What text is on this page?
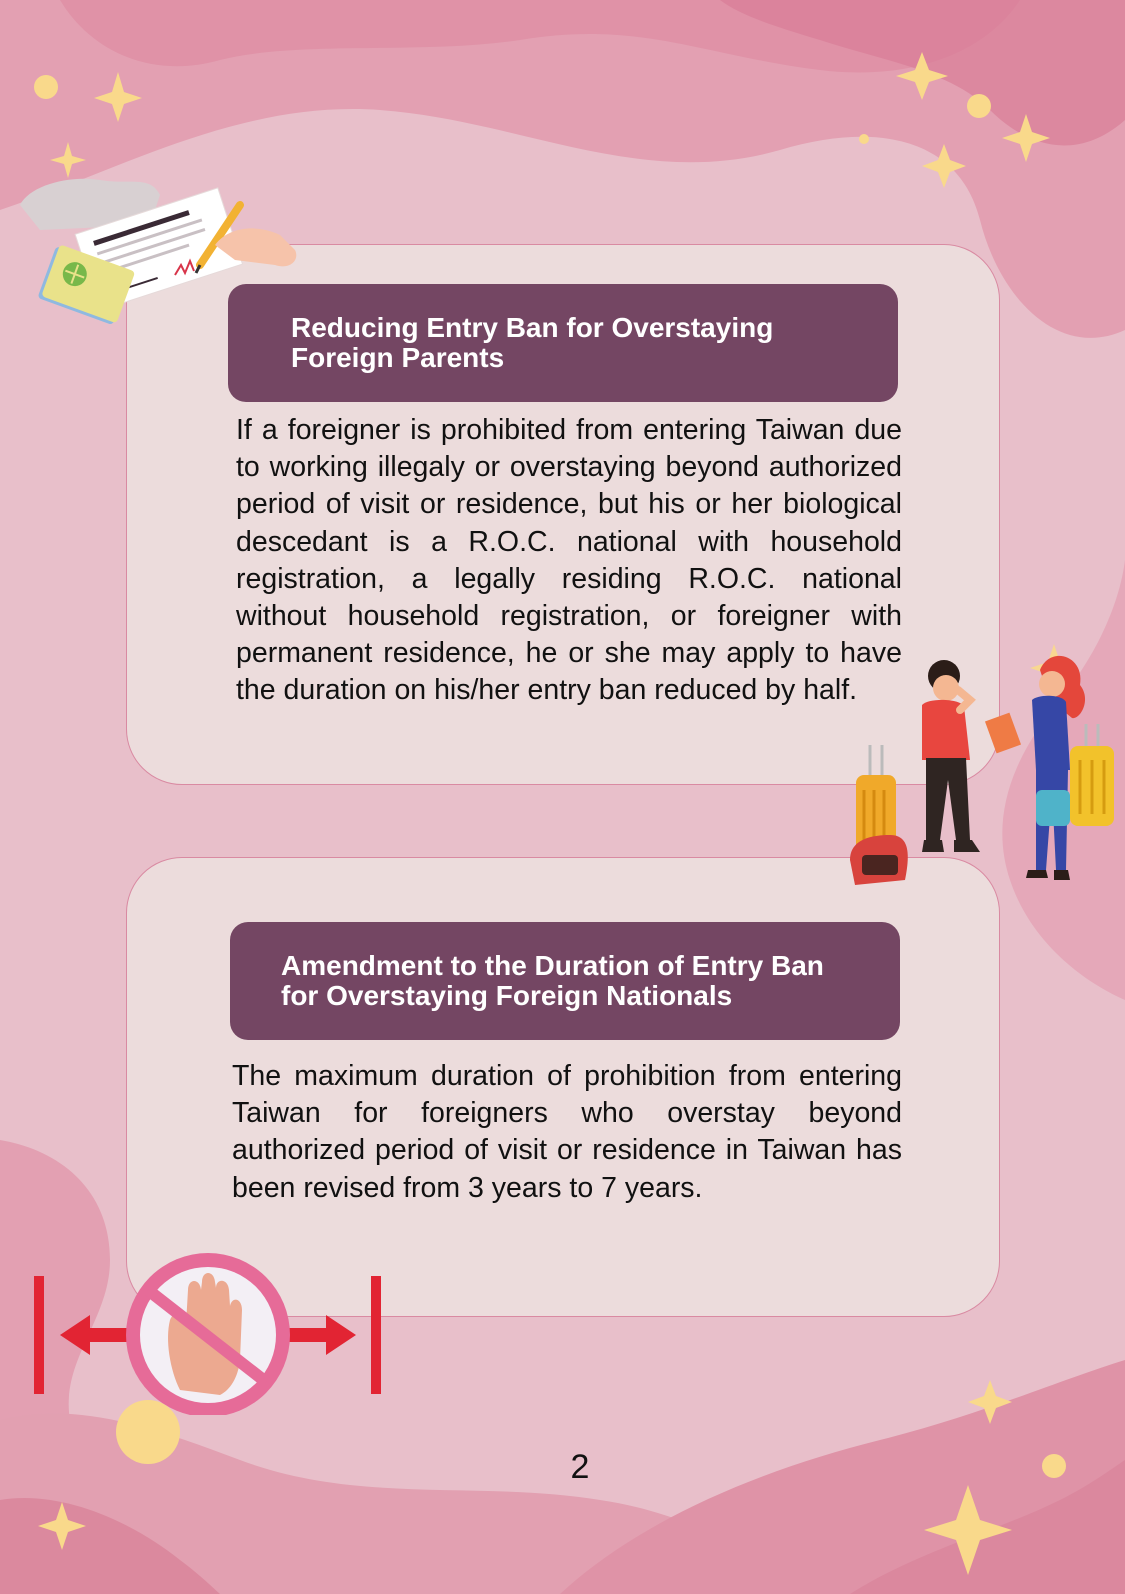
Reducing Entry Ban for Overstaying Foreign Parents

If a foreigner is prohibited from entering Taiwan due to working illegaly or overstaying beyond authorized period of visit or residence, but his or her biological descedant is a R.O.C. national with household registration, a legally residing R.O.C. national without household registration, or foreigner with permanent residence, he or she may apply to have the duration on his/her entry ban reduced by half.

Amendment to the Duration of Entry Ban for Overstaying Foreign Nationals

The maximum duration of prohibition from entering Taiwan for foreigners who overstay beyond authorized period of visit or residence in Taiwan has been revised from 3 years to 7 years.

2
